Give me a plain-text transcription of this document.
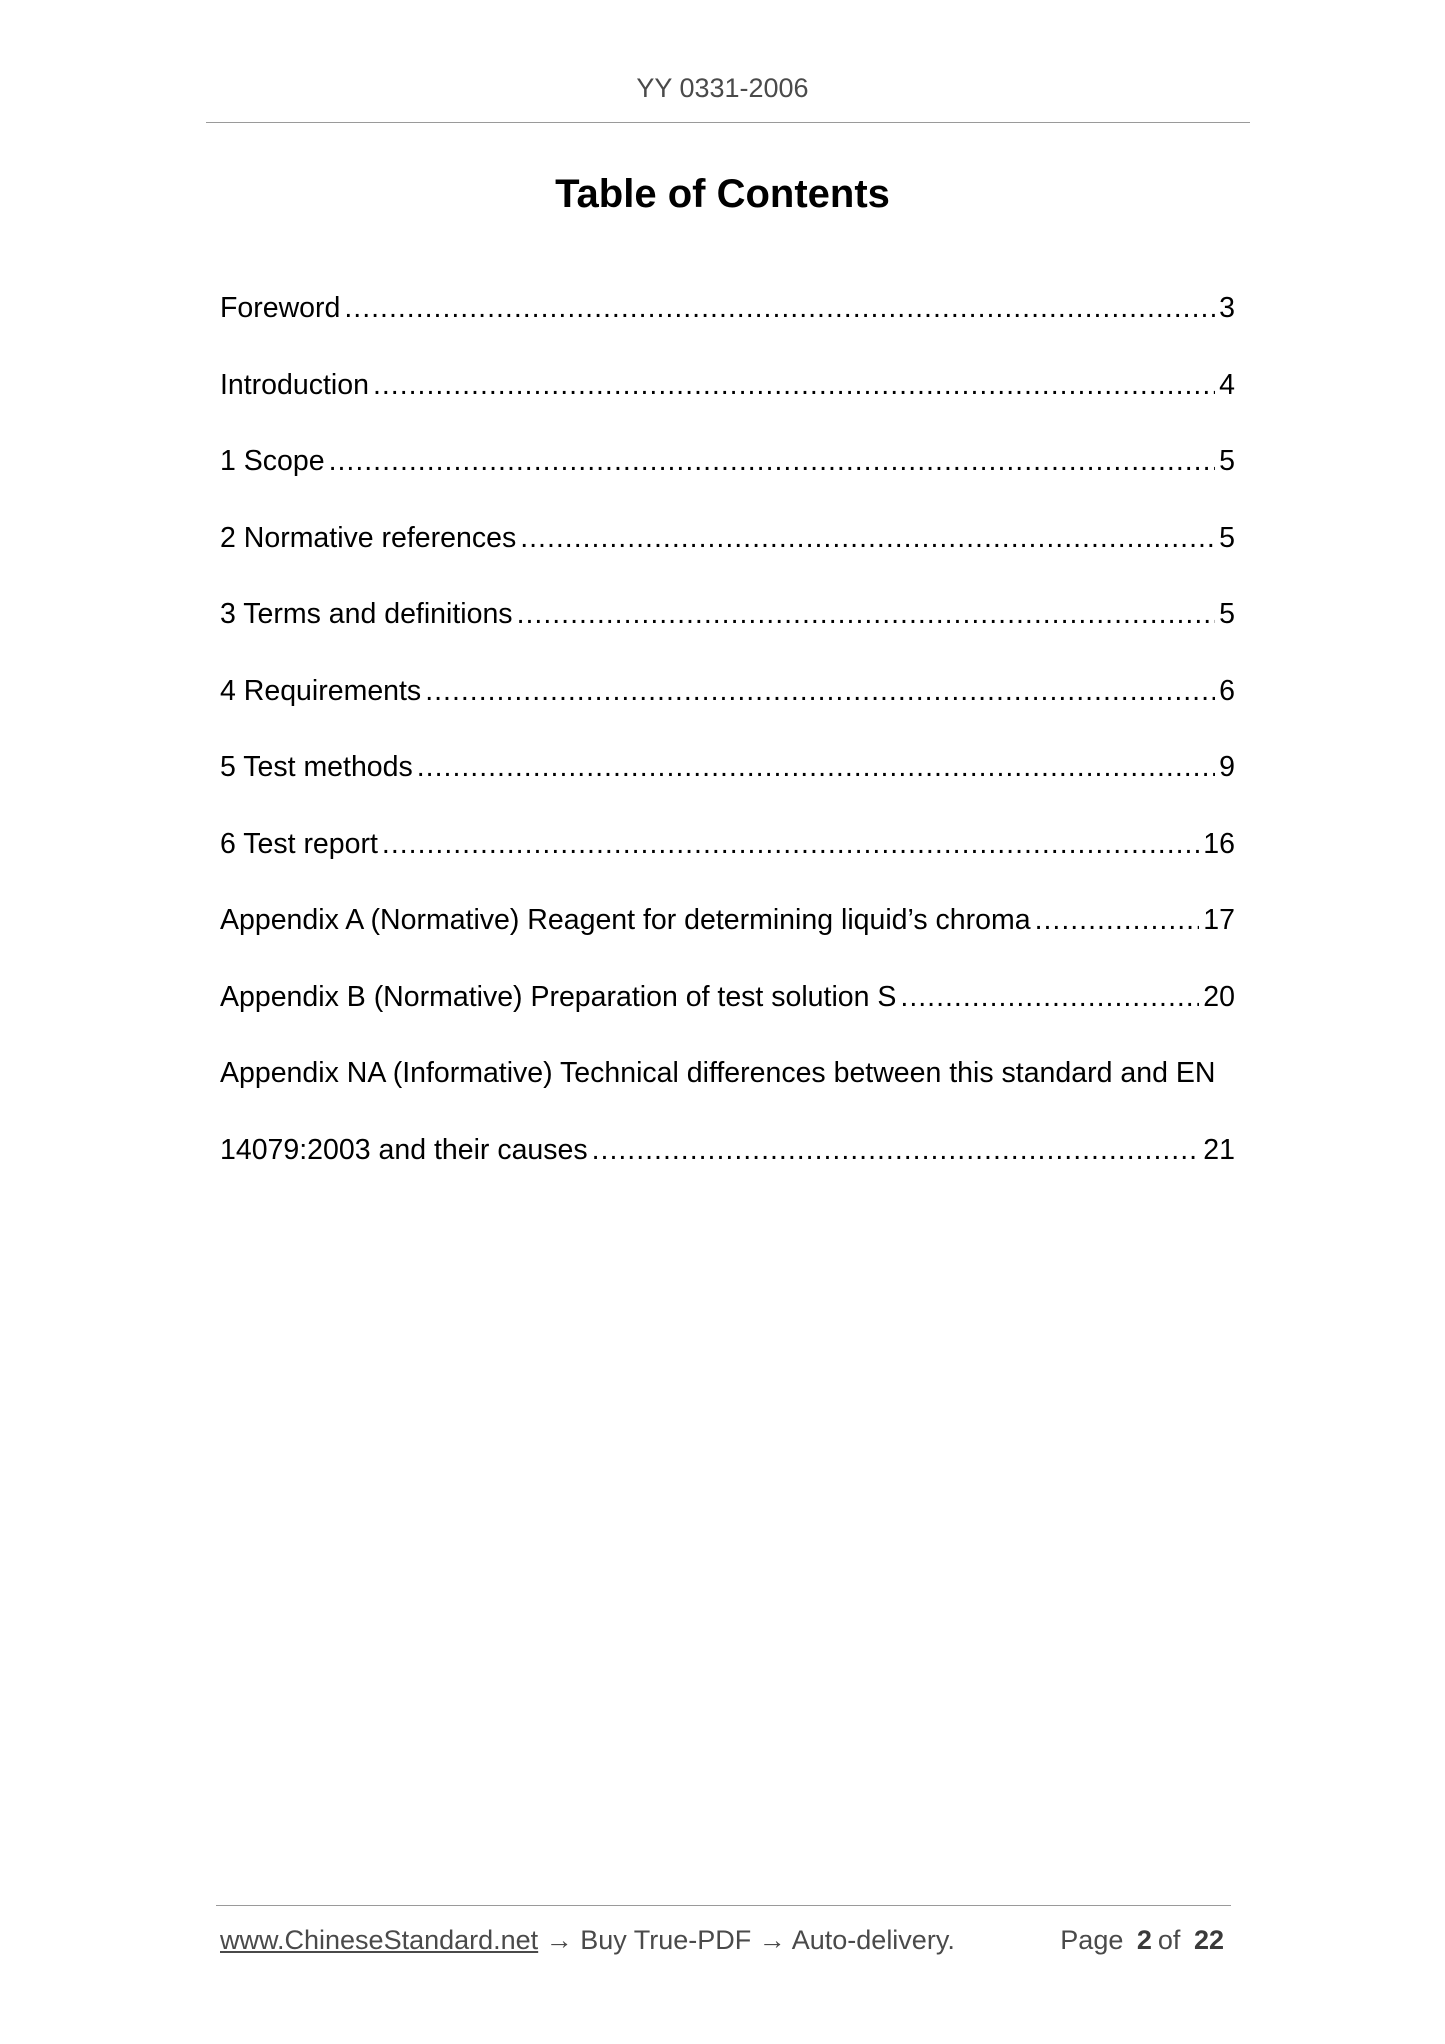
YY 0331-2006
Table of Contents
Foreword .....	3
Introduction .....	4
1 Scope .....	5
2 Normative references .....	5
3 Terms and definitions .....	5
4 Requirements .....	6
5 Test methods .....	9
6 Test report .....	16
Appendix A (Normative) Reagent for determining liquid’s chroma .....	17
Appendix B (Normative) Preparation of test solution S .....	20
Appendix NA (Informative) Technical differences between this standard and EN
14079:2003 and their causes .....	21
www.ChineseStandard.net → Buy True-PDF → Auto-delivery.	Page 2 of 22
